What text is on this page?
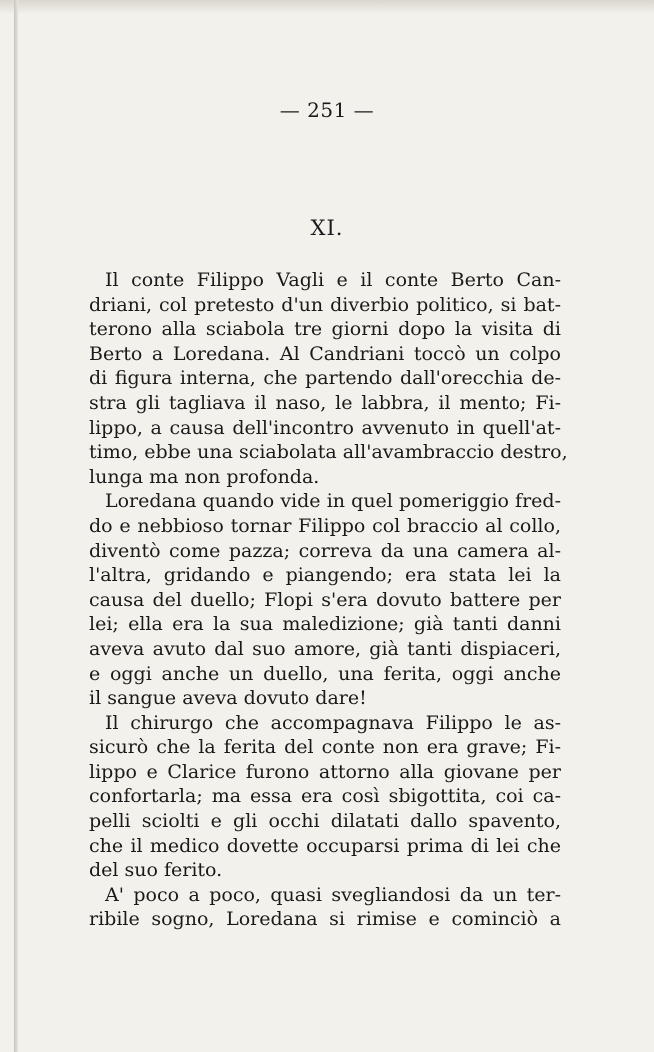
— 251 —
XI.
Il conte Filippo Vagli e il conte Berto Can-
driani, col pretesto d'un diverbio politico, si bat-
terono alla sciabola tre giorni dopo la visita di
Berto a Loredana. Al Candriani toccò un colpo
di figura interna, che partendo dall'orecchia de-
stra gli tagliava il naso, le labbra, il mento; Fi-
lippo, a causa dell'incontro avvenuto in quell'at-
timo, ebbe una sciabolata all'avambraccio destro,
lunga ma non profonda.
Loredana quando vide in quel pomeriggio fred-
do e nebbioso tornar Filippo col braccio al collo,
diventò come pazza; correva da una camera al-
l'altra, gridando e piangendo; era stata lei la
causa del duello; Flopi s'era dovuto battere per
lei; ella era la sua maledizione; già tanti danni
aveva avuto dal suo amore, già tanti dispiaceri,
e oggi anche un duello, una ferita, oggi anche
il sangue aveva dovuto dare!
Il chirurgo che accompagnava Filippo le as-
sicurò che la ferita del conte non era grave; Fi-
lippo e Clarice furono attorno alla giovane per
confortarla; ma essa era così sbigottita, coi ca-
pelli sciolti e gli occhi dilatati dallo spavento,
che il medico dovette occuparsi prima di lei che
del suo ferito.
A' poco a poco, quasi svegliandosi da un ter-
ribile sogno, Loredana si rimise e cominciò a
